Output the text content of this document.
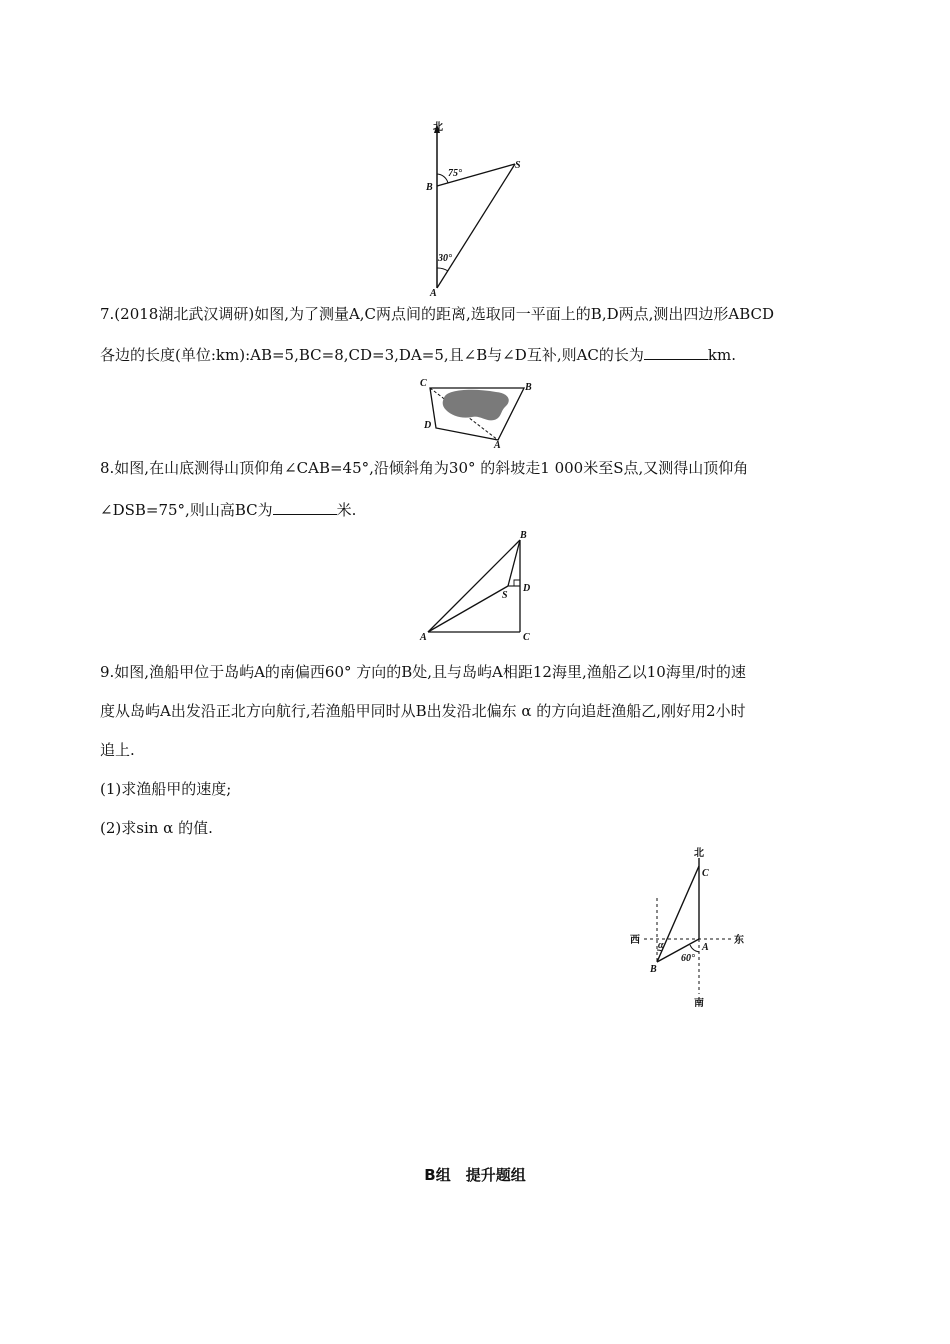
北
75°
30°
B
S
A
7.(2018湖北武汉调研)如图,为了测量A,C两点间的距离,选取同一平面上的B,D两点,测出四边形ABCD
各边的长度(单位:km):AB=5,BC=8,CD=3,DA=5,且∠B与∠D互补,则AC的长为	km.
C	B
D
A
8.如图,在山底测得山顶仰角∠CAB=45°,沿倾斜角为30° 的斜坡走1 000米至S点,又测得山顶仰角
∠DSB=75°,则山高BC为	米.
B
S
D
A	C
9.如图,渔船甲位于岛屿A的南偏西60° 方向的B处,且与岛屿A相距12海里,渔船乙以10海里/时的速
度从岛屿A出发沿正北方向航行,若渔船甲同时从B出发沿北偏东 α 的方向追赶渔船乙,刚好用2小时
追上.
(1)求渔船甲的速度;
(2)求sin α 的值.
北
南
西	东
C
A
B
α
60°
B组　提升题组
